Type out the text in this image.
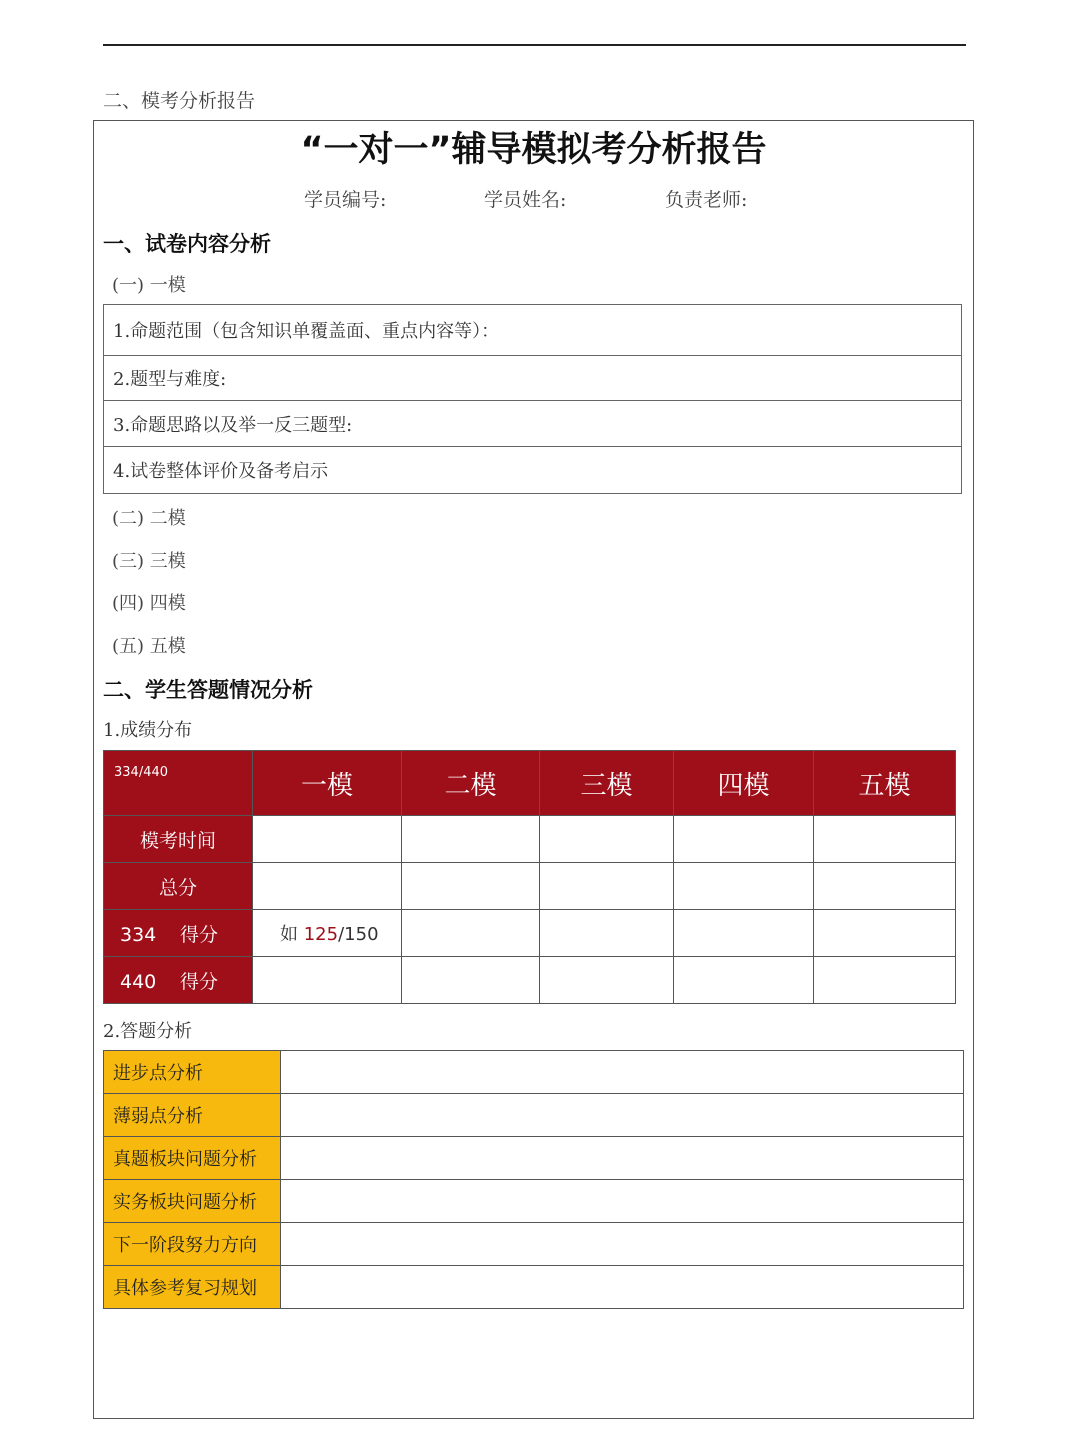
二、模考分析报告
“一对一”辅导模拟考分析报告
学员编号:	学员姓名:	负责老师:
一、试卷内容分析
(一) 一模
1.命题范围（包含知识单覆盖面、重点内容等）：
2.题型与难度:
3.命题思路以及举一反三题型:
4.试卷整体评价及备考启示
(二) 二模
(三) 三模
(四) 四模
(五) 五模
二、学生答题情况分析
1.成绩分布
334/440	一模	二模	三模	四模	五模
模考时间					
总分					
334 得分	如 125/150				
440 得分					
2.答题分析
进步点分析	
薄弱点分析	
真题板块问题分析	
实务板块问题分析	
下一阶段努力方向	
具体参考复习规划	
